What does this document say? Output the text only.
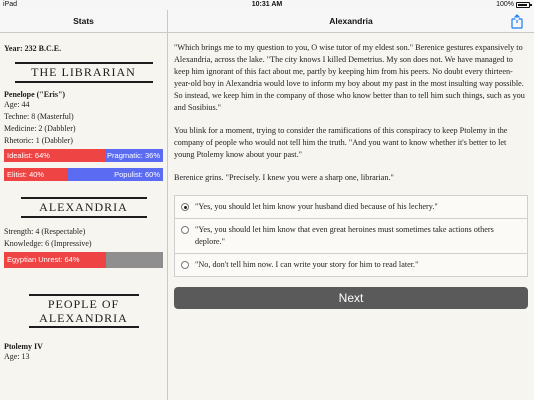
iPad	10:31 AM	100%
Stats	Alexandria
Year: 232 B.C.E.
THE LIBRARIAN
Penelope ("Eris")
Age: 44
Techne: 8 (Masterful)
Medicine: 2 (Dabbler)
Rhetoric: 1 (Dabbler)
Idealist: 64%	Pragmatic: 36%
Elitist: 40%	Populist: 60%
ALEXANDRIA
Strength: 4 (Respectable)
Knowledge: 6 (Impressive)
Egyptian Unrest: 64%
PEOPLE OF
ALEXANDRIA
Ptolemy IV
Age: 13

"Which brings me to my question to you, O wise tutor of my eldest son." Berenice gestures expansively to Alexandria, across the lake. "The city knows I killed Demetrius. My son does not. We have managed to keep him ignorant of this fact about me, partly by keeping him from his peers. No doubt every thirteen-year-old boy in Alexandria would love to inform my boy about my past in the most insulting way possible. So instead, we keep him in the company of those who know better than to tell him such things, such as you and Sosibius."

You blink for a moment, trying to consider the ramifications of this conspiracy to keep Ptolemy in the company of people who would not tell him the truth. "And you want to know whether it's better to let young Ptolemy know about your past."

Berenice grins. "Precisely. I knew you were a sharp one, librarian."

"Yes, you should let him know your husband died because of his lechery."
"Yes, you should let him know that even great heroines must sometimes take actions others deplore."
"No, don't tell him now. I can write your story for him to read later."
Next
